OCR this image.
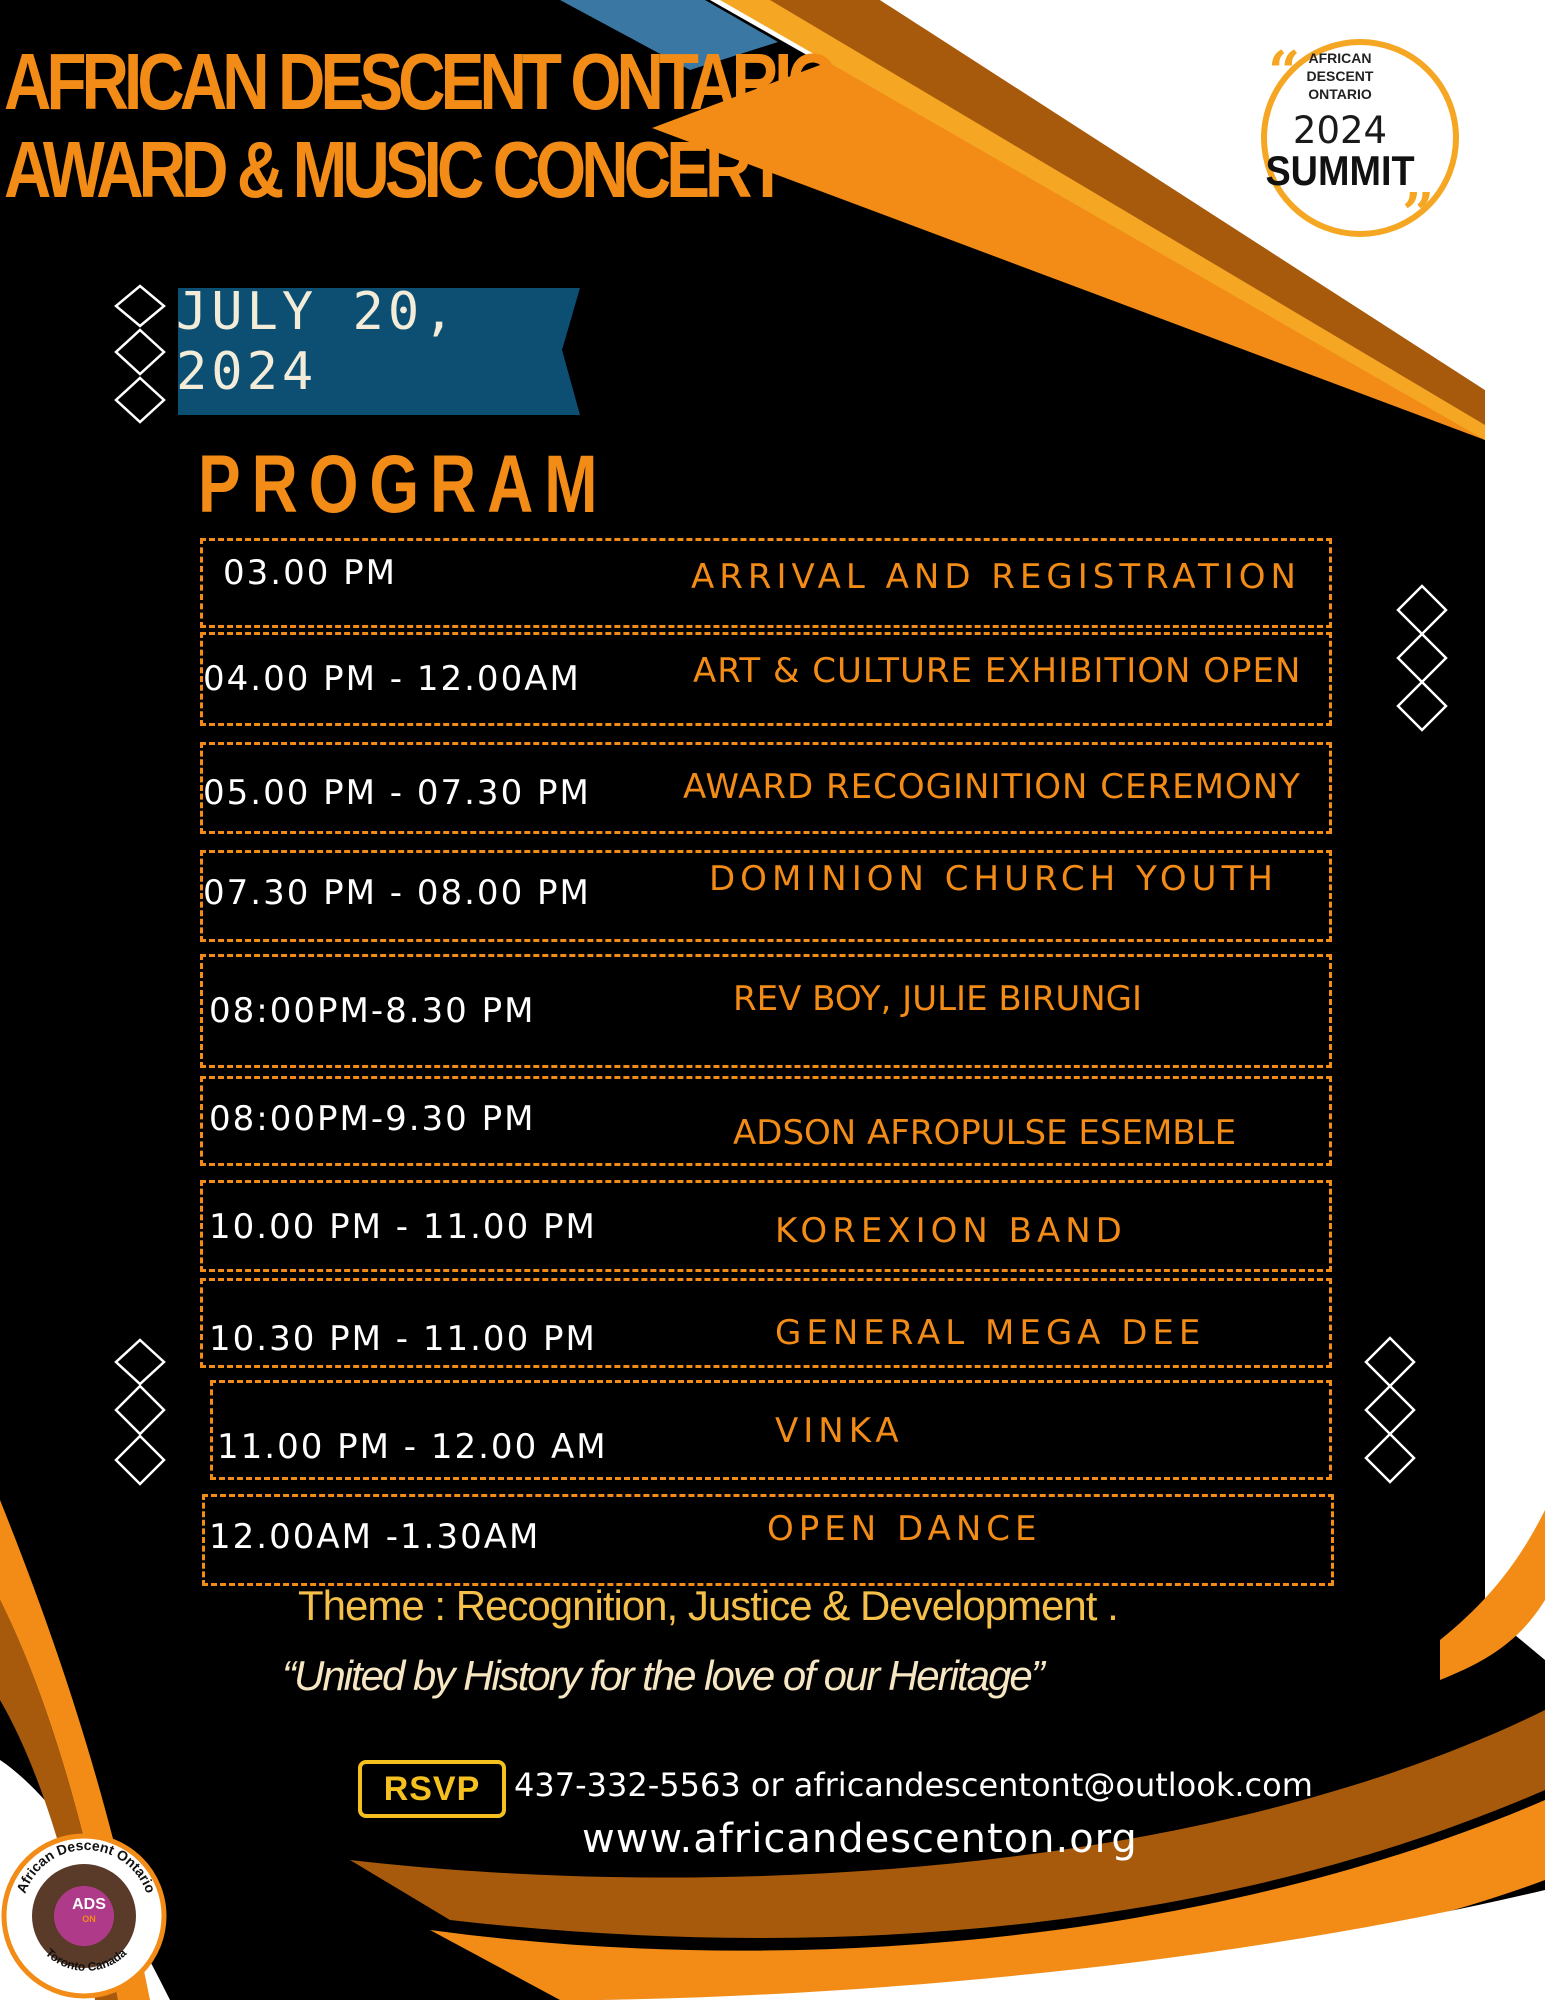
AFRICAN DESCENT ONTARIO
AWARD & MUSIC CONCERT
“ AFRICAN
DESCENT
ONTARIO
2024
SUMMIT
”
JULY 20,
2024
PROGRAM
03.00 PM	ARRIVAL AND REGISTRATION
04.00 PM - 12.00AM	ART & CULTURE EXHIBITION OPEN
05.00 PM - 07.30 PM	AWARD RECOGINITION CEREMONY
07.30 PM - 08.00 PM	DOMINION CHURCH YOUTH
08:00PM-8.30 PM	REV BOY, JULIE BIRUNGI
08:00PM-9.30 PM	ADSON AFROPULSE ESEMBLE
10.00 PM - 11.00 PM	KOREXION BAND
10.30 PM - 11.00 PM	GENERAL MEGA DEE
11.00 PM - 12.00 AM	VINKA
12.00AM -1.30AM	OPEN DANCE
Theme : Recognition, Justice & Development .
“United by History for the love of our Heritage”
RSVP	437-332-5563 or africandescentont@outlook.com
www.africandescenton.org
African Descent Ontario
Toronto Canada
ADS
ON
